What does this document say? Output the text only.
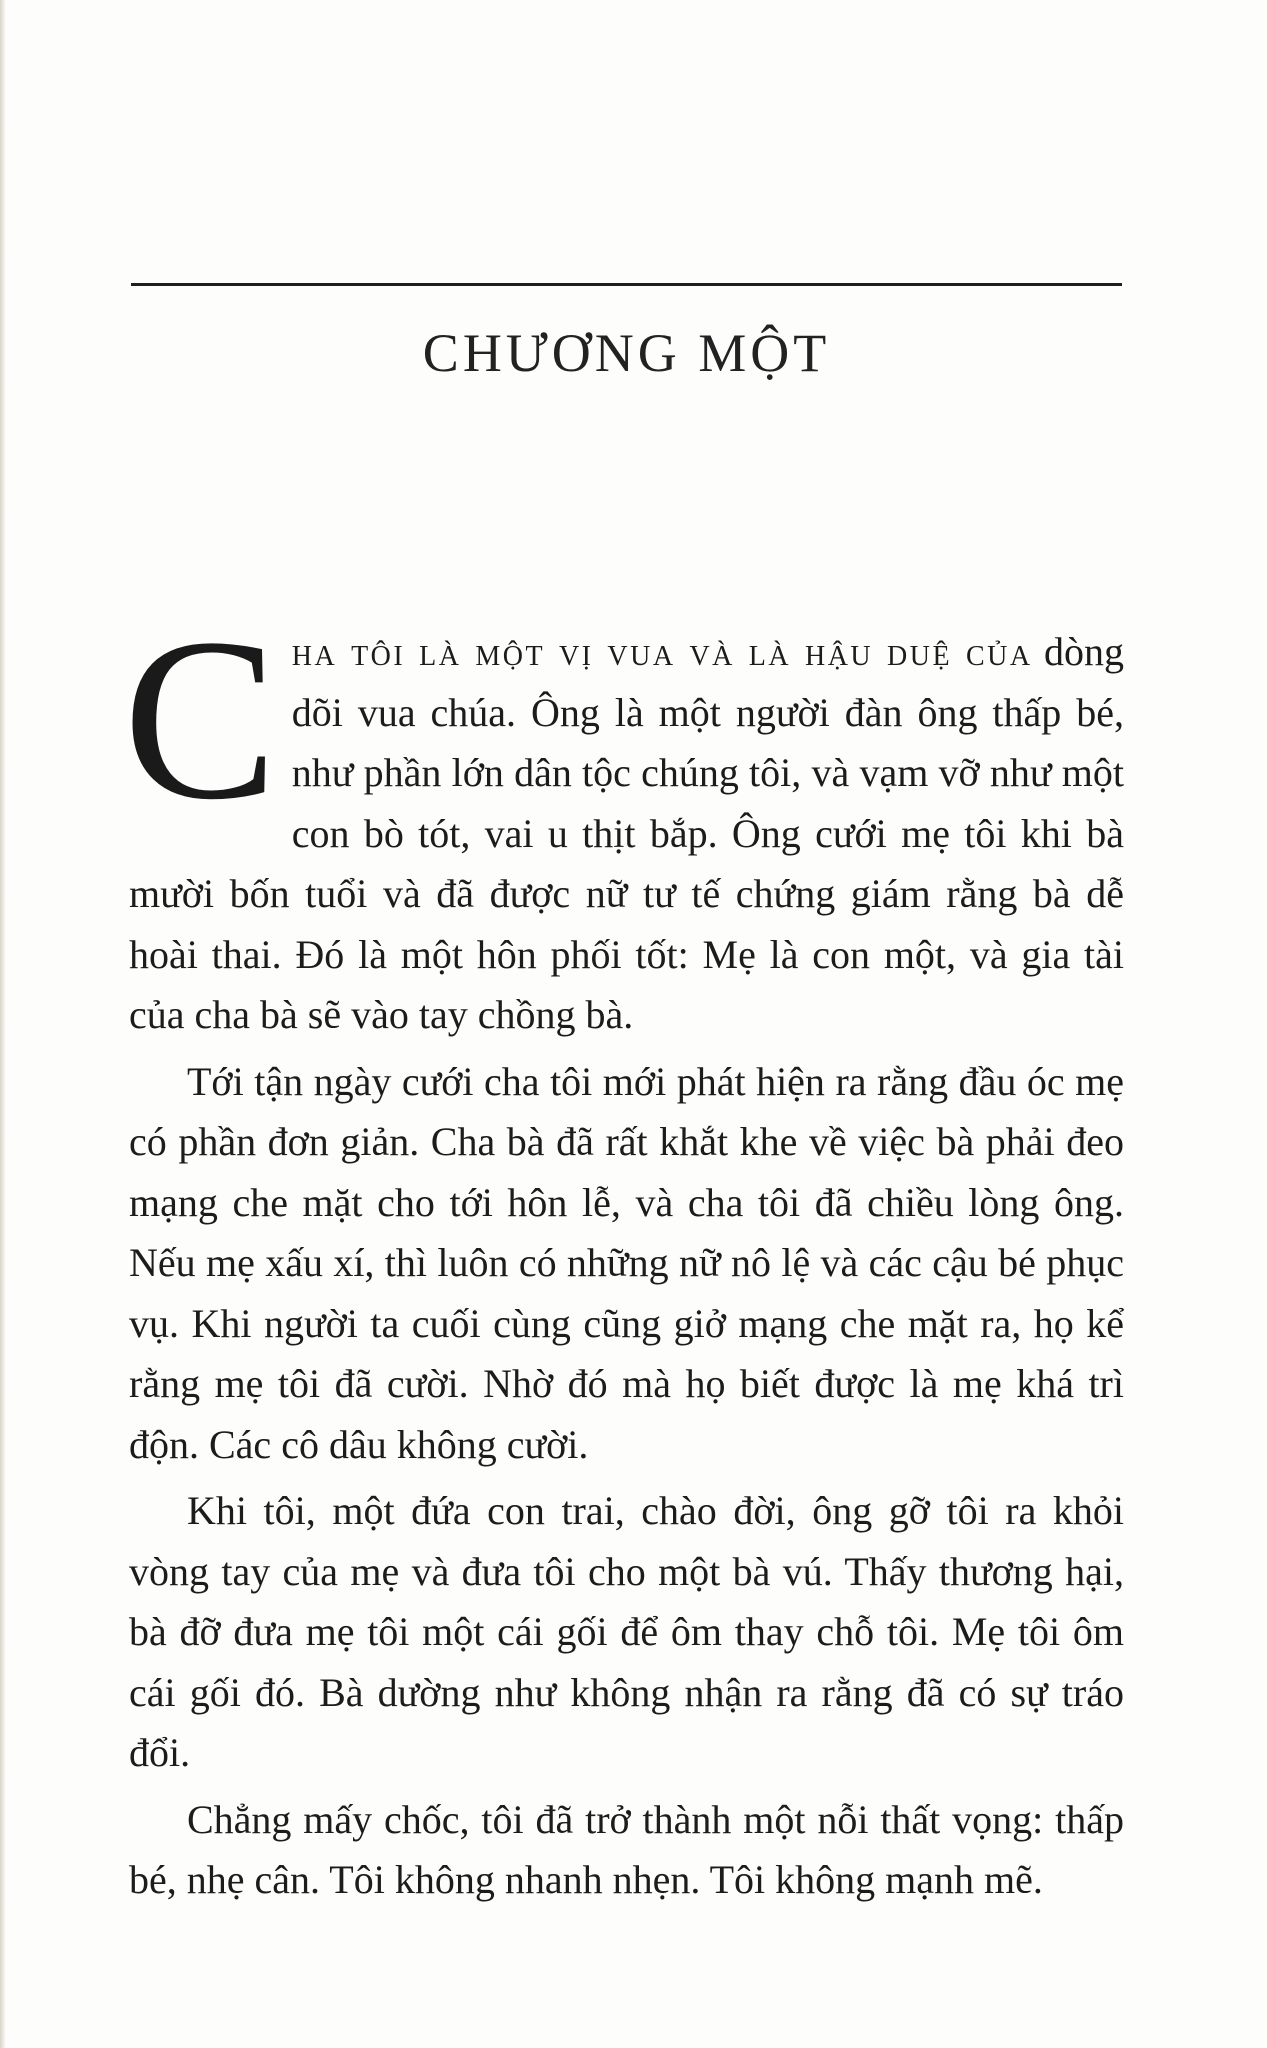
CHƯƠNG MỘT

Cha tôi là một vị vua và là hậu duệ của dòng dõi vua chúa. Ông là một người đàn ông thấp bé, như phần lớn dân tộc chúng tôi, và vạm vỡ như một con bò tót, vai u thịt bắp. Ông cưới mẹ tôi khi bà mười bốn tuổi và đã được nữ tư tế chứng giám rằng bà dễ hoài thai. Đó là một hôn phối tốt: Mẹ là con một, và gia tài của cha bà sẽ vào tay chồng bà.

Tới tận ngày cưới cha tôi mới phát hiện ra rằng đầu óc mẹ có phần đơn giản. Cha bà đã rất khắt khe về việc bà phải đeo mạng che mặt cho tới hôn lễ, và cha tôi đã chiều lòng ông. Nếu mẹ xấu xí, thì luôn có những nữ nô lệ và các cậu bé phục vụ. Khi người ta cuối cùng cũng giở mạng che mặt ra, họ kể rằng mẹ tôi đã cười. Nhờ đó mà họ biết được là mẹ khá trì độn. Các cô dâu không cười.

Khi tôi, một đứa con trai, chào đời, ông gỡ tôi ra khỏi vòng tay của mẹ và đưa tôi cho một bà vú. Thấy thương hại, bà đỡ đưa mẹ tôi một cái gối để ôm thay chỗ tôi. Mẹ tôi ôm cái gối đó. Bà dường như không nhận ra rằng đã có sự tráo đổi.

Chẳng mấy chốc, tôi đã trở thành một nỗi thất vọng: thấp bé, nhẹ cân. Tôi không nhanh nhẹn. Tôi không mạnh mẽ.
